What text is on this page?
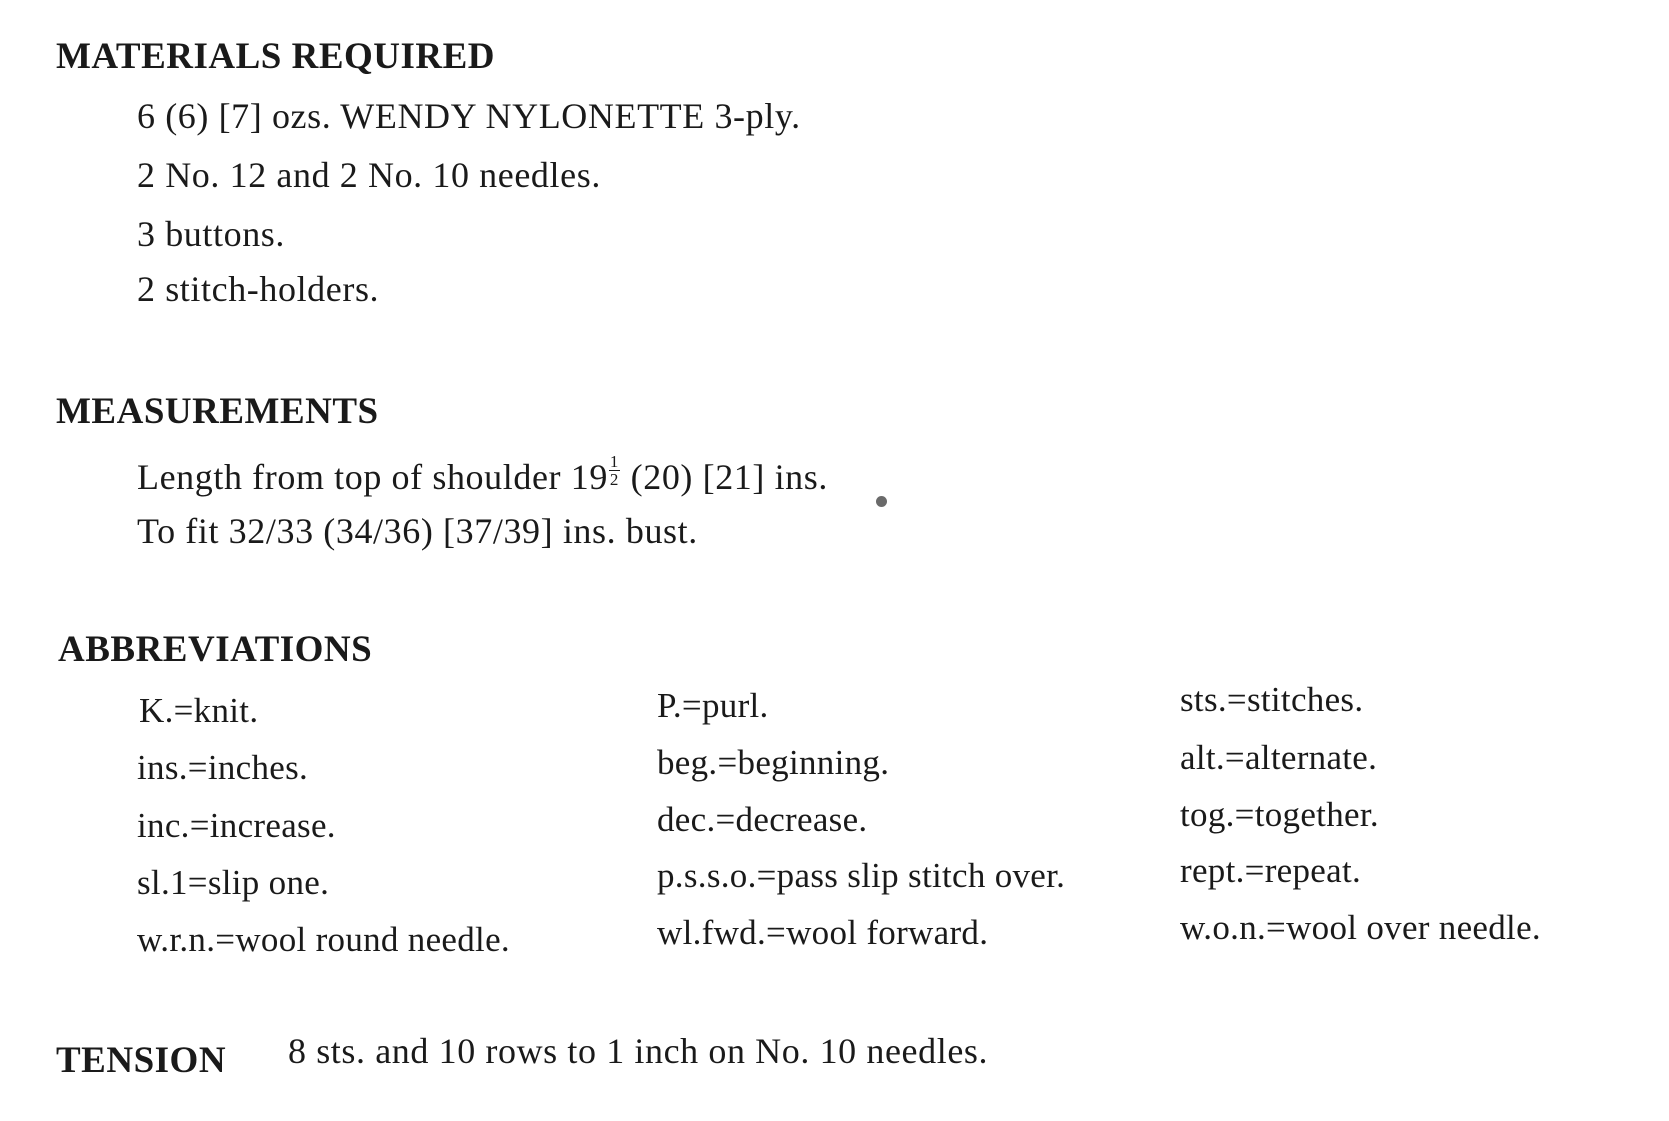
MATERIALS REQUIRED
6 (6) [7] ozs. WENDY NYLONETTE 3-ply.
2 No. 12 and 2 No. 10 needles.
3 buttons.
2 stitch-holders.
MEASUREMENTS
Length from top of shoulder $19 \frac{1}{2} (20)$ [21] ins.
To fit 32/33 (34/36) [37/39] ins. bust.
ABBREVIATIONS
K.=knit.
ins.=inches.
inc.=increase.
sl.1=slip one.
w.r.n.=wool round needle.
P.=purl.
beg.=beginning.
dec.=decrease.
p.s.s.o.=pass slip stitch over.
wl.fwd.=wool forward.
sts.=stitches.
alt.=alternate.
tog.=together.
rept.=repeat.
w.o.n.=wool over needle.
TENSION 8 sts. and 10 rows to 1 inch on No. 10 needles.
